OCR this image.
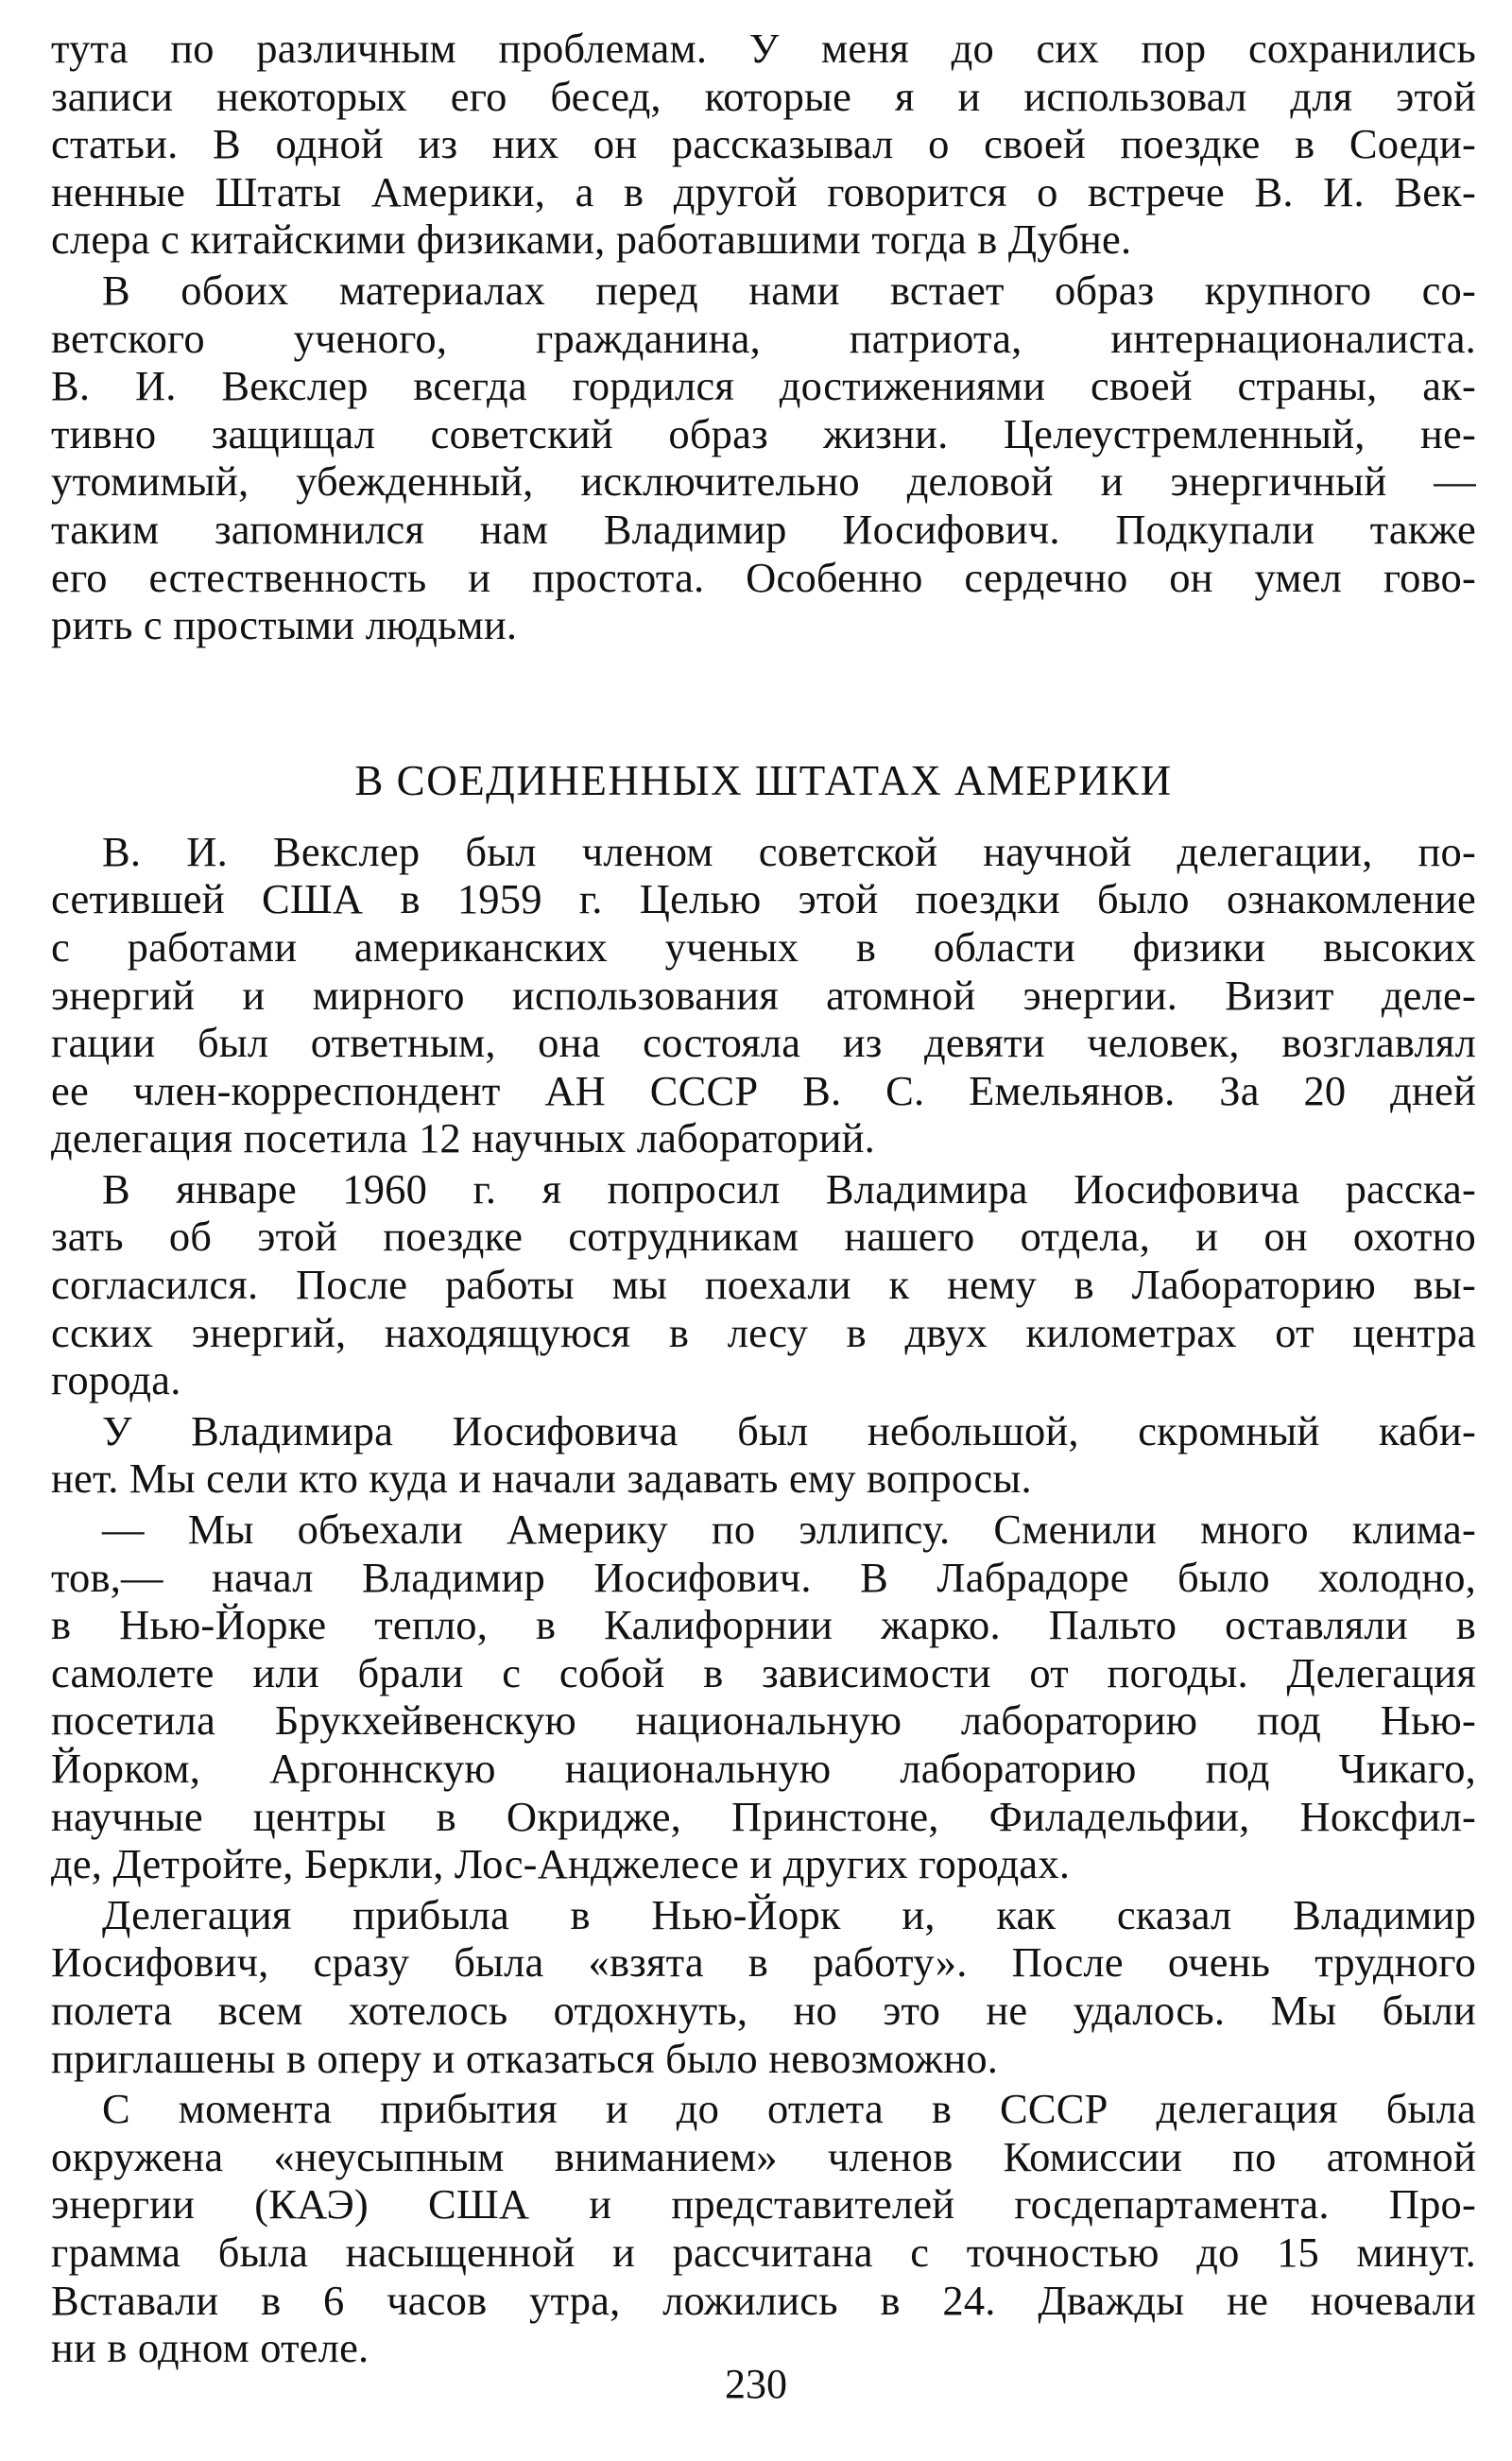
тута по различным проблемам. У меня до сих пор сохранились
записи некоторых его бесед, которые я и использовал для этой
статьи. В одной из них он рассказывал о своей поездке в Соеди-
ненные Штаты Америки, а в другой говорится о встрече В. И. Век-
слера с китайскими физиками, работавшими тогда в Дубне.
В обоих материалах перед нами встает образ крупного со-
ветского ученого, гражданина, патриота, интернационалиста.
В. И. Векслер всегда гордился достижениями своей страны, ак-
тивно защищал советский образ жизни. Целеустремленный, не-
утомимый, убежденный, исключительно деловой и энергичный —
таким запомнился нам Владимир Иосифович. Подкупали также
его естественность и простота. Особенно сердечно он умел гово-
рить с простыми людьми.
В СОЕДИНЕННЫХ ШТАТАХ АМЕРИКИ
В. И. Векслер был членом советской научной делегации, по-
сетившей США в 1959 г. Целью этой поездки было ознакомление
с работами американских ученых в области физики высоких
энергий и мирного использования атомной энергии. Визит деле-
гации был ответным, она состояла из девяти человек, возглавлял
ее член-корреспондент АН СССР В. С. Емельянов. За 20 дней
делегация посетила 12 научных лабораторий.
В январе 1960 г. я попросил Владимира Иосифовича расска-
зать об этой поездке сотрудникам нашего отдела, и он охотно
согласился. После работы мы поехали к нему в Лабораторию вы-
сских энергий, находящуюся в лесу в двух километрах от центра
города.
У Владимира Иосифовича был небольшой, скромный каби-
нет. Мы сели кто куда и начали задавать ему вопросы.
— Мы объехали Америку по эллипсу. Сменили много клима-
тов,— начал Владимир Иосифович. В Лабрадоре было холодно,
в Нью-Йорке тепло, в Калифорнии жарко. Пальто оставляли в
самолете или брали с собой в зависимости от погоды. Делегация
посетила Брукхейвенскую национальную лабораторию под Нью-
Йорком, Аргоннскую национальную лабораторию под Чикаго,
научные центры в Окридже, Принстоне, Филадельфии, Ноксфил-
де, Детройте, Беркли, Лос-Анджелесе и других городах.
Делегация прибыла в Нью-Йорк и, как сказал Владимир
Иосифович, сразу была «взята в работу». После очень трудного
полета всем хотелось отдохнуть, но это не удалось. Мы были
приглашены в оперу и отказаться было невозможно.
С момента прибытия и до отлета в СССР делегация была
окружена «неусыпным вниманием» членов Комиссии по атомной
энергии (КАЭ) США и представителей госдепартамента. Про-
грамма была насыщенной и рассчитана с точностью до 15 минут.
Вставали в 6 часов утра, ложились в 24. Дважды не ночевали
ни в одном отеле.
230
